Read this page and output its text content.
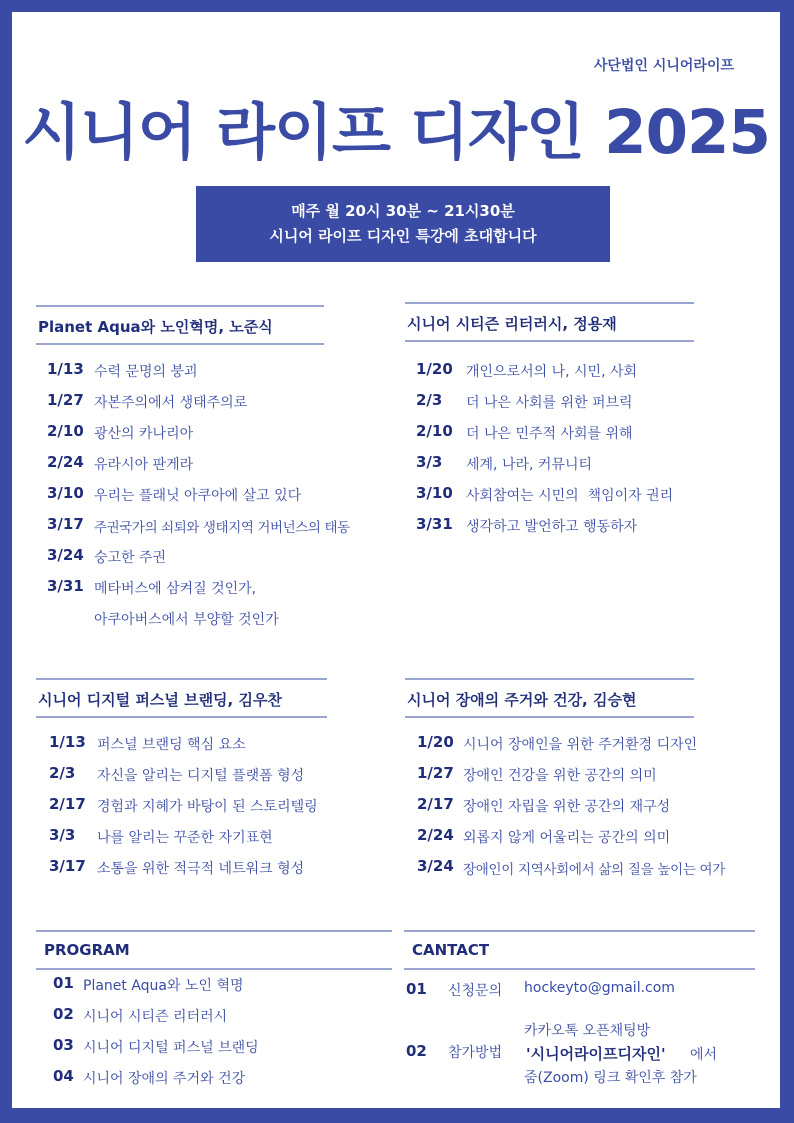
사단법인 시니어라이프
시니어 라이프 디자인 2025
매주 월 20시 30분 ~ 21시30분
시니어 라이프 디자인 특강에 초대합니다
Planet Aqua와 노인혁명, 노준식
1/13 수력 문명의 붕괴
1/27 자본주의에서 생태주의로
2/10 광산의 카나리아
2/24 유라시아 판게라
3/10 우리는 플래닛 아쿠아에 살고 있다
3/17 주권국가의 쇠퇴와 생태지역 거버넌스의 태동
3/24 숭고한 주권
3/31 메타버스에 삼켜질 것인가,
아쿠아버스에서 부양할 것인가
시니어 시티즌 리터러시, 정용재
1/20 개인으로서의 나, 시민, 사회
2/3 더 나은 사회를 위한 퍼브릭
2/10 더 나은 민주적 사회를 위해
3/3 세계, 나라, 커뮤니티
3/10 사회참여는 시민의  책임이자 권리
3/31 생각하고 발언하고 행동하자
시니어 디지털 퍼스널 브랜딩, 김우찬
1/13 퍼스널 브랜딩 핵심 요소
2/3 자신을 알리는 디지털 플랫폼 형성
2/17 경험과 지혜가 바탕이 된 스토리텔링
3/3 나를 알리는 꾸준한 자기표현
3/17 소통을 위한 적극적 네트워크 형성
시니어 장애의 주거와 건강, 김승현
1/20 시니어 장애인을 위한 주거환경 디자인
1/27 장애인 건강을 위한 공간의 의미
2/17 장애인 자립을 위한 공간의 재구성
2/24 외롭지 않게 어울리는 공간의 의미
3/24 장애인이 지역사회에서 삶의 질을 높이는 여가
PROGRAM
01 Planet Aqua와 노인 혁명
02 시니어 시티즌 리터러시
03 시니어 디지털 퍼스널 브랜딩
04 시니어 장애의 주거와 건강
CANTACT
01 신청문의 hockeyto@gmail.com
02 참가방법
카카오톡 오픈채팅방
'시니어라이프디자인' 에서
줌(Zoom) 링크 확인후 참가
